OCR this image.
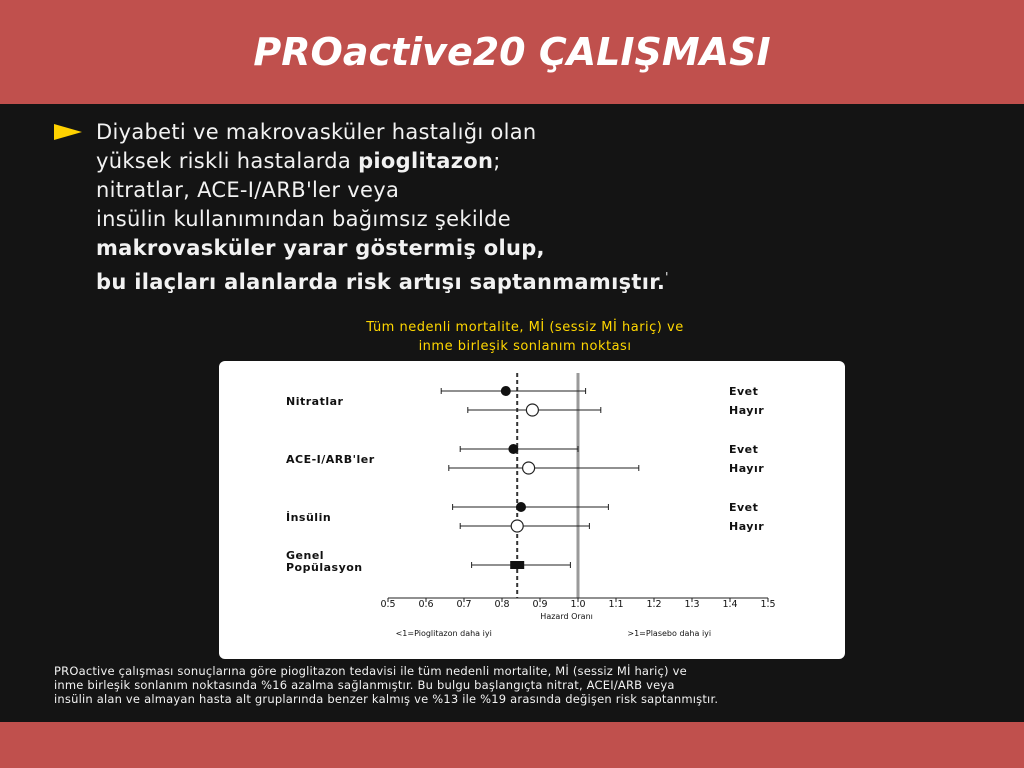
PROactive20 ÇALIŞMASI
Diyabeti ve makrovasküler hastalığı olan
yüksek riskli hastalarda pioglitazon;
nitratlar, ACE-I/ARB'ler veya
insülin kullanımından bağımsız şekilde
makrovasküler yarar göstermiş olup,
bu ilaçları alanlarda risk artışı saptanmamıştır.'
Tüm nedenli mortalite, Mİ (sessiz Mİ hariç) ve
inme birleşik sonlanım noktası
0.5 0.6 0.7 0.8 0.9 1.0 1.1 1.2 1.3 1.4 1.5
Hazard Oranı
<1=Pioglitazon daha iyi	>1=Plasebo daha iyi
Nitratlar
Evet
Hayır
ACE-I/ARB'ler
Evet
Hayır
İnsülin
Evet
Hayır
Genel
Popülasyon

PROactive çalışması sonuçlarına göre pioglitazon tedavisi ile tüm nedenli mortalite, Mİ (sessiz Mİ hariç) ve

inme birleşik sonlanım noktasında %16 azalma sağlanmıştır. Bu bulgu başlangıçta nitrat, ACEI/ARB veya

insülin alan ve almayan hasta alt gruplarında benzer kalmış ve %13 ile %19 arasında değişen risk saptanmıştır.
